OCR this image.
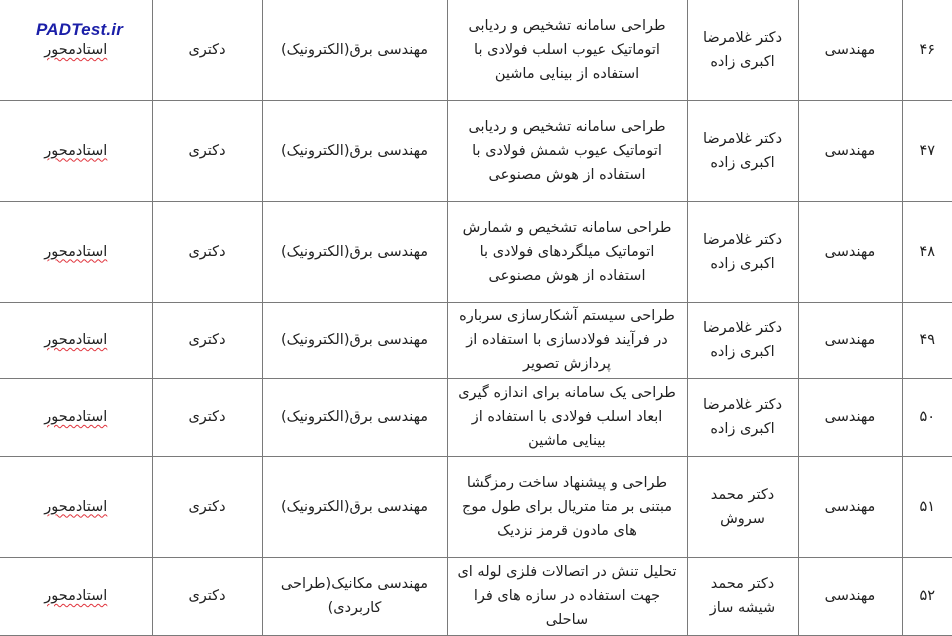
PADTest.ir
استادمحور	دکتری	مهندسی برق(الکترونیک)	طراحی سامانه تشخیص و ردیابی اتوماتیک عیوب اسلب فولادی با استفاده از بینایی ماشین	دکتر غلامرضا اکبری زاده	مهندسی	۴۶
استادمحور	دکتری	مهندسی برق(الکترونیک)	طراحی سامانه تشخیص و ردیابی اتوماتیک عیوب شمش فولادی با استفاده از هوش مصنوعی	دکتر غلامرضا اکبری زاده	مهندسی	۴۷
استادمحور	دکتری	مهندسی برق(الکترونیک)	طراحی سامانه تشخیص و شمارش اتوماتیک میلگردهای فولادی با استفاده از هوش مصنوعی	دکتر غلامرضا اکبری زاده	مهندسی	۴۸
استادمحور	دکتری	مهندسی برق(الکترونیک)	طراحی سیستم آشکارسازی سرباره در فرآیند فولادسازی با استفاده از پردازش تصویر	دکتر غلامرضا اکبری زاده	مهندسی	۴۹
استادمحور	دکتری	مهندسی برق(الکترونیک)	طراحی یک سامانه برای اندازه گیری ابعاد اسلب فولادی با استفاده از بینایی ماشین	دکتر غلامرضا اکبری زاده	مهندسی	۵۰
استادمحور	دکتری	مهندسی برق(الکترونیک)	طراحی و پیشنهاد ساخت رمزگشا مبتنی بر متا متریال برای طول موج های مادون قرمز نزدیک	دکتر محمد سروش	مهندسی	۵۱
استادمحور	دکتری	مهندسی مکانیک(طراحی کاربردی)	تحلیل تنش در اتصالات فلزی لوله ای جهت استفاده در سازه های فرا ساحلی	دکتر محمد شیشه ساز	مهندسی	۵۲
